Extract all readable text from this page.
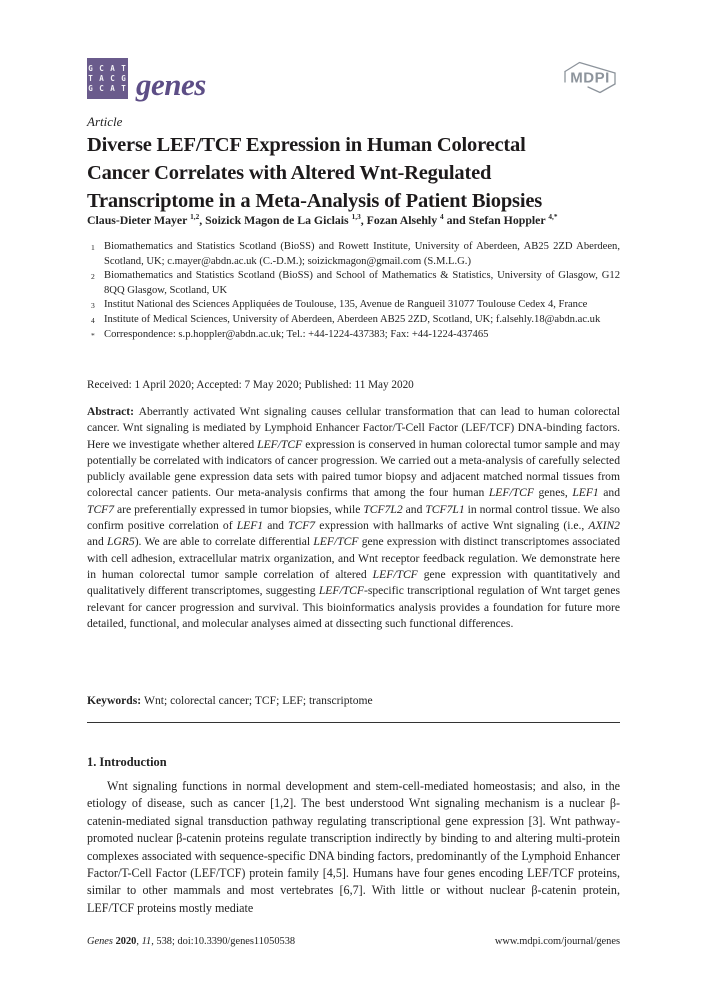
G C A T
T A C G
G C A T genes	MDPI
Article
Diverse LEF/TCF Expression in Human Colorectal
Cancer Correlates with Altered Wnt-Regulated
Transcriptome in a Meta-Analysis of Patient Biopsies
Claus-Dieter Mayer $^{1,2}$, Soizick Magon de La Giclais $^{1,3}$, Fozan Alsehly $^4$ and Stefan Hoppler $^{4,*}$
1 Biomathematics and Statistics Scotland (BioSS) and Rowett Institute, University of Aberdeen, AB25 2ZD Aberdeen, Scotland, UK; c.mayer@abdn.ac.uk (C.-D.M.); soizickmagon@gmail.com (S.M.L.G.)
2 Biomathematics and Statistics Scotland (BioSS) and School of Mathematics & Statistics, University of Glasgow, G12 8QQ Glasgow, Scotland, UK
3 Institut National des Sciences Appliquées de Toulouse, 135, Avenue de Rangueil 31077 Toulouse Cedex 4, France
4 Institute of Medical Sciences, University of Aberdeen, Aberdeen AB25 2ZD, Scotland, UK; f.alsehly.18@abdn.ac.uk
* Correspondence: s.p.hoppler@abdn.ac.uk; Tel.: +44-1224-437383; Fax: +44-1224-437465
Received: 1 April 2020; Accepted: 7 May 2020; Published: 11 May 2020
Abstract: Aberrantly activated Wnt signaling causes cellular transformation that can lead to human colorectal cancer. Wnt signaling is mediated by Lymphoid Enhancer Factor/T-Cell Factor (LEF/TCF) DNA-binding factors. Here we investigate whether altered LEF/TCF expression is conserved in human colorectal tumor sample and may potentially be correlated with indicators of cancer progression. We carried out a meta-analysis of carefully selected publicly available gene expression data sets with paired tumor biopsy and adjacent matched normal tissues from colorectal cancer patients. Our meta-analysis confirms that among the four human LEF/TCF genes, LEF1 and TCF7 are preferentially expressed in tumor biopsies, while TCF7L2 and TCF7L1 in normal control tissue. We also confirm positive correlation of LEF1 and TCF7 expression with hallmarks of active Wnt signaling (i.e., AXIN2 and LGR5). We are able to correlate differential LEF/TCF gene expression with distinct transcriptomes associated with cell adhesion, extracellular matrix organization, and Wnt receptor feedback regulation. We demonstrate here in human colorectal tumor sample correlation of altered LEF/TCF gene expression with quantitatively and qualitatively different transcriptomes, suggesting LEF/TCF-specific transcriptional regulation of Wnt target genes relevant for cancer progression and survival. This bioinformatics analysis provides a foundation for future more detailed, functional, and molecular analyses aimed at dissecting such functional differences.
Keywords: Wnt; colorectal cancer; TCF; LEF; transcriptome
1. Introduction
Wnt signaling functions in normal development and stem-cell-mediated homeostasis; and also, in the etiology of disease, such as cancer [1,2]. The best understood Wnt signaling mechanism is a nuclear β-catenin-mediated signal transduction pathway regulating transcriptional gene expression [3]. Wnt pathway-promoted nuclear β-catenin proteins regulate transcription indirectly by binding to and altering multi-protein complexes associated with sequence-specific DNA binding factors, predominantly of the Lymphoid Enhancer Factor/T-Cell Factor (LEF/TCF) protein family [4,5]. Humans have four genes encoding LEF/TCF proteins, similar to other mammals and most vertebrates [6,7]. With little or without nuclear β-catenin protein, LEF/TCF proteins mostly mediate
Genes 2020, 11, 538; doi:10.3390/genes11050538	www.mdpi.com/journal/genes
